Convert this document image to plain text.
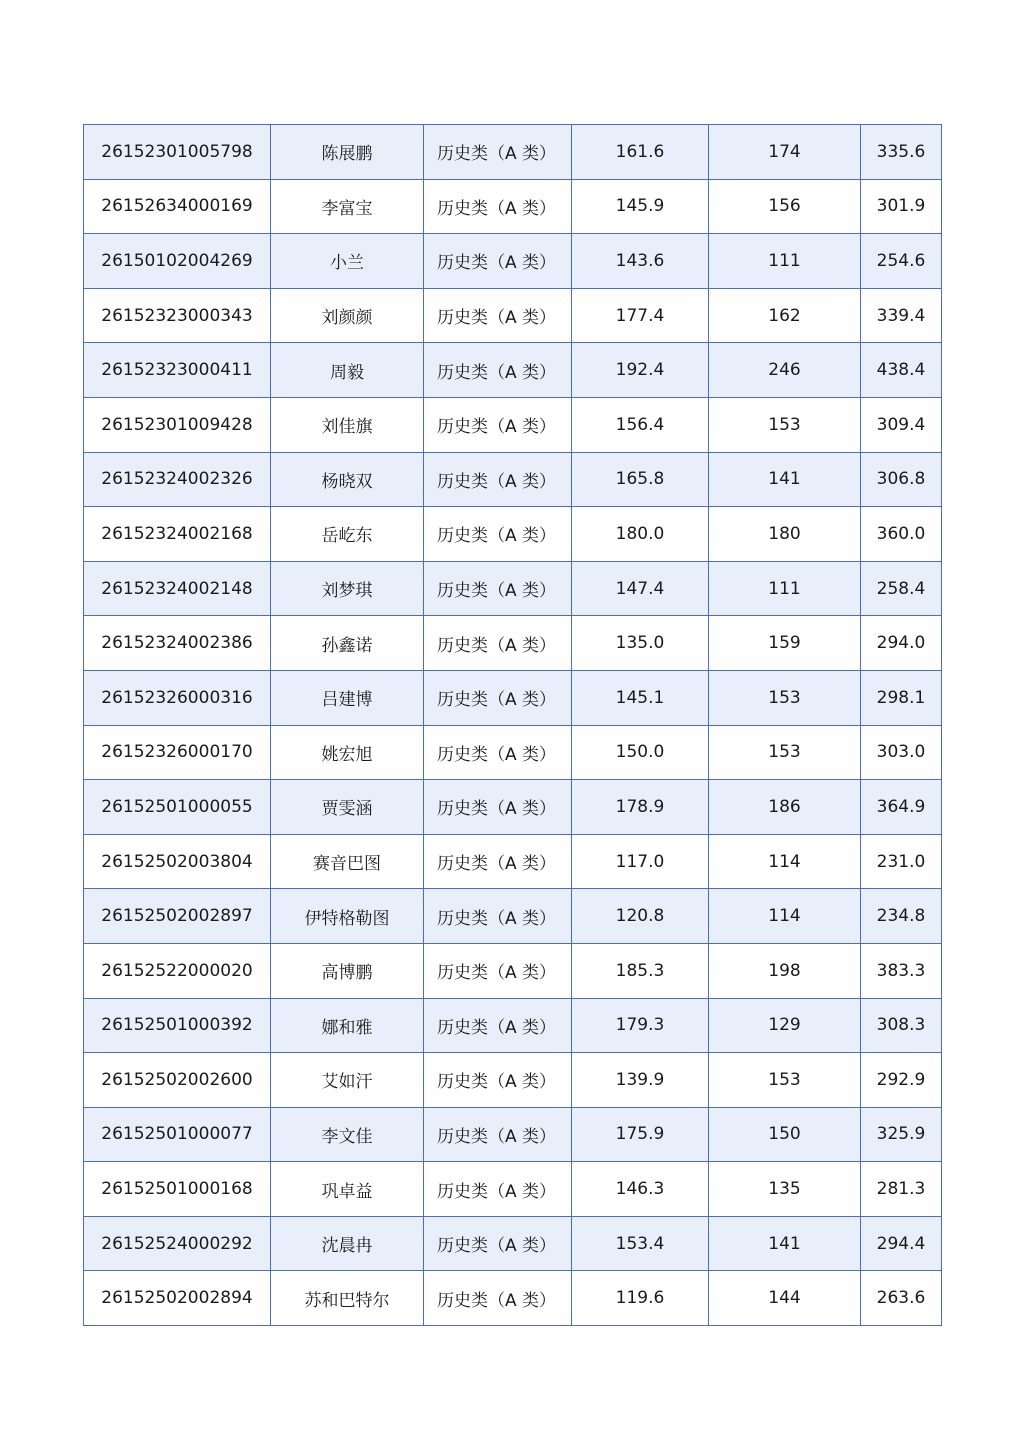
26152301005798	陈展鹏	历史类（A 类）	161.6	174	335.6
26152634000169	李富宝	历史类（A 类）	145.9	156	301.9
26150102004269	小兰	历史类（A 类）	143.6	111	254.6
26152323000343	刘颜颜	历史类（A 类）	177.4	162	339.4
26152323000411	周毅	历史类（A 类）	192.4	246	438.4
26152301009428	刘佳旗	历史类（A 类）	156.4	153	309.4
26152324002326	杨晓双	历史类（A 类）	165.8	141	306.8
26152324002168	岳屹东	历史类（A 类）	180.0	180	360.0
26152324002148	刘梦琪	历史类（A 类）	147.4	111	258.4
26152324002386	孙鑫诺	历史类（A 类）	135.0	159	294.0
26152326000316	吕建博	历史类（A 类）	145.1	153	298.1
26152326000170	姚宏旭	历史类（A 类）	150.0	153	303.0
26152501000055	贾雯涵	历史类（A 类）	178.9	186	364.9
26152502003804	赛音巴图	历史类（A 类）	117.0	114	231.0
26152502002897	伊特格勒图	历史类（A 类）	120.8	114	234.8
26152522000020	高博鹏	历史类（A 类）	185.3	198	383.3
26152501000392	娜和雅	历史类（A 类）	179.3	129	308.3
26152502002600	艾如汗	历史类（A 类）	139.9	153	292.9
26152501000077	李文佳	历史类（A 类）	175.9	150	325.9
26152501000168	巩卓益	历史类（A 类）	146.3	135	281.3
26152524000292	沈晨冉	历史类（A 类）	153.4	141	294.4
26152502002894	苏和巴特尔	历史类（A 类）	119.6	144	263.6
